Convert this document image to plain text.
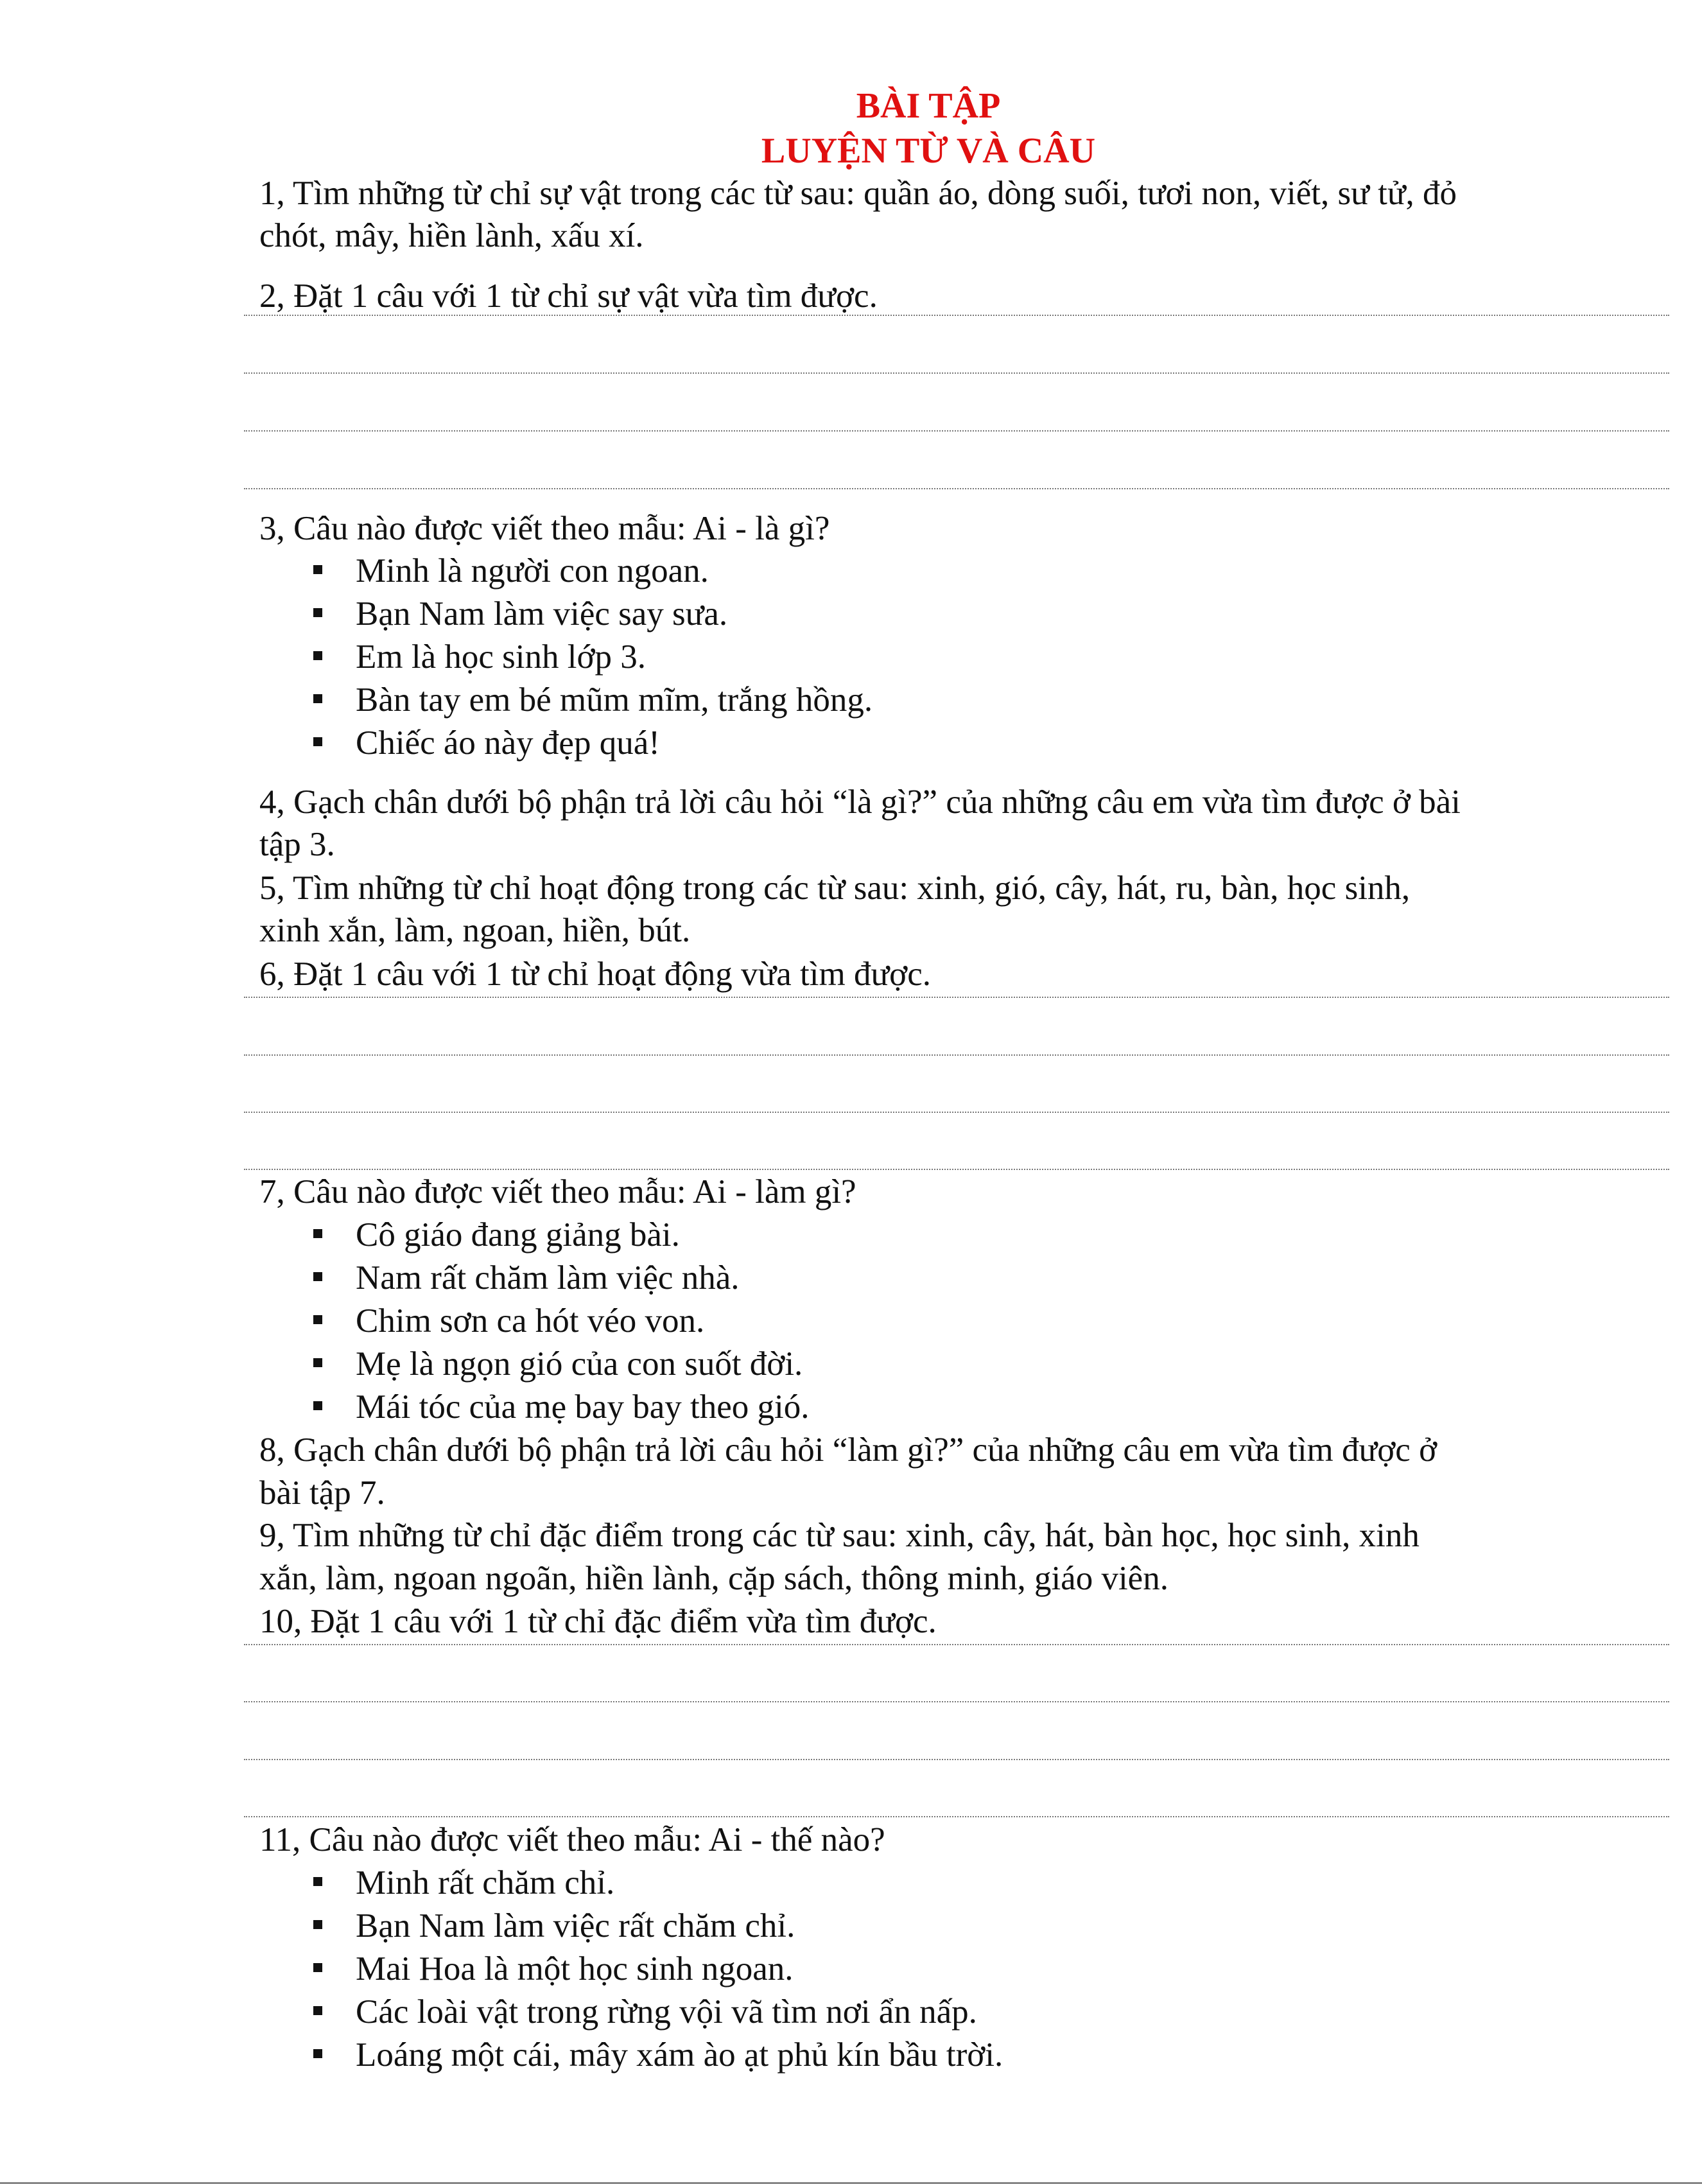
BÀI TẬP
LUYỆN TỪ VÀ CÂU
1, Tìm những từ chỉ sự vật trong các từ sau: quần áo, dòng suối, tươi non, viết, sư tử, đỏ
chót, mây, hiền lành, xấu xí.
2, Đặt 1 câu với 1 từ chỉ sự vật vừa tìm được.
3, Câu nào được viết theo mẫu: Ai - là gì?
Minh là người con ngoan.
Bạn Nam làm việc say sưa.
Em là học sinh lớp 3.
Bàn tay em bé mũm mĩm, trắng hồng.
Chiếc áo này đẹp quá!
4, Gạch chân dưới bộ phận trả lời câu hỏi “là gì?” của những câu em vừa tìm được ở bài
tập 3.
5, Tìm những từ chỉ hoạt động trong các từ sau: xinh, gió, cây, hát, ru, bàn, học sinh,
xinh xắn, làm, ngoan, hiền, bút.
6, Đặt 1 câu với 1 từ chỉ hoạt động vừa tìm được.
7, Câu nào được viết theo mẫu: Ai - làm gì?
Cô giáo đang giảng bài.
Nam rất chăm làm việc nhà.
Chim sơn ca hót véo von.
Mẹ là ngọn gió của con suốt đời.
Mái tóc của mẹ bay bay theo gió.
8, Gạch chân dưới bộ phận trả lời câu hỏi “làm gì?” của những câu em vừa tìm được ở
bài tập 7.
9, Tìm những từ chỉ đặc điểm trong các từ sau: xinh, cây, hát, bàn học, học sinh, xinh
xắn, làm, ngoan ngoãn, hiền lành, cặp sách, thông minh, giáo viên.
10, Đặt 1 câu với 1 từ chỉ đặc điểm vừa tìm được.
11, Câu nào được viết theo mẫu: Ai - thế nào?
Minh rất chăm chỉ.
Bạn Nam làm việc rất chăm chỉ.
Mai Hoa là một học sinh ngoan.
Các loài vật trong rừng vội vã tìm nơi ẩn nấp.
Loáng một cái, mây xám ào ạt phủ kín bầu trời.
